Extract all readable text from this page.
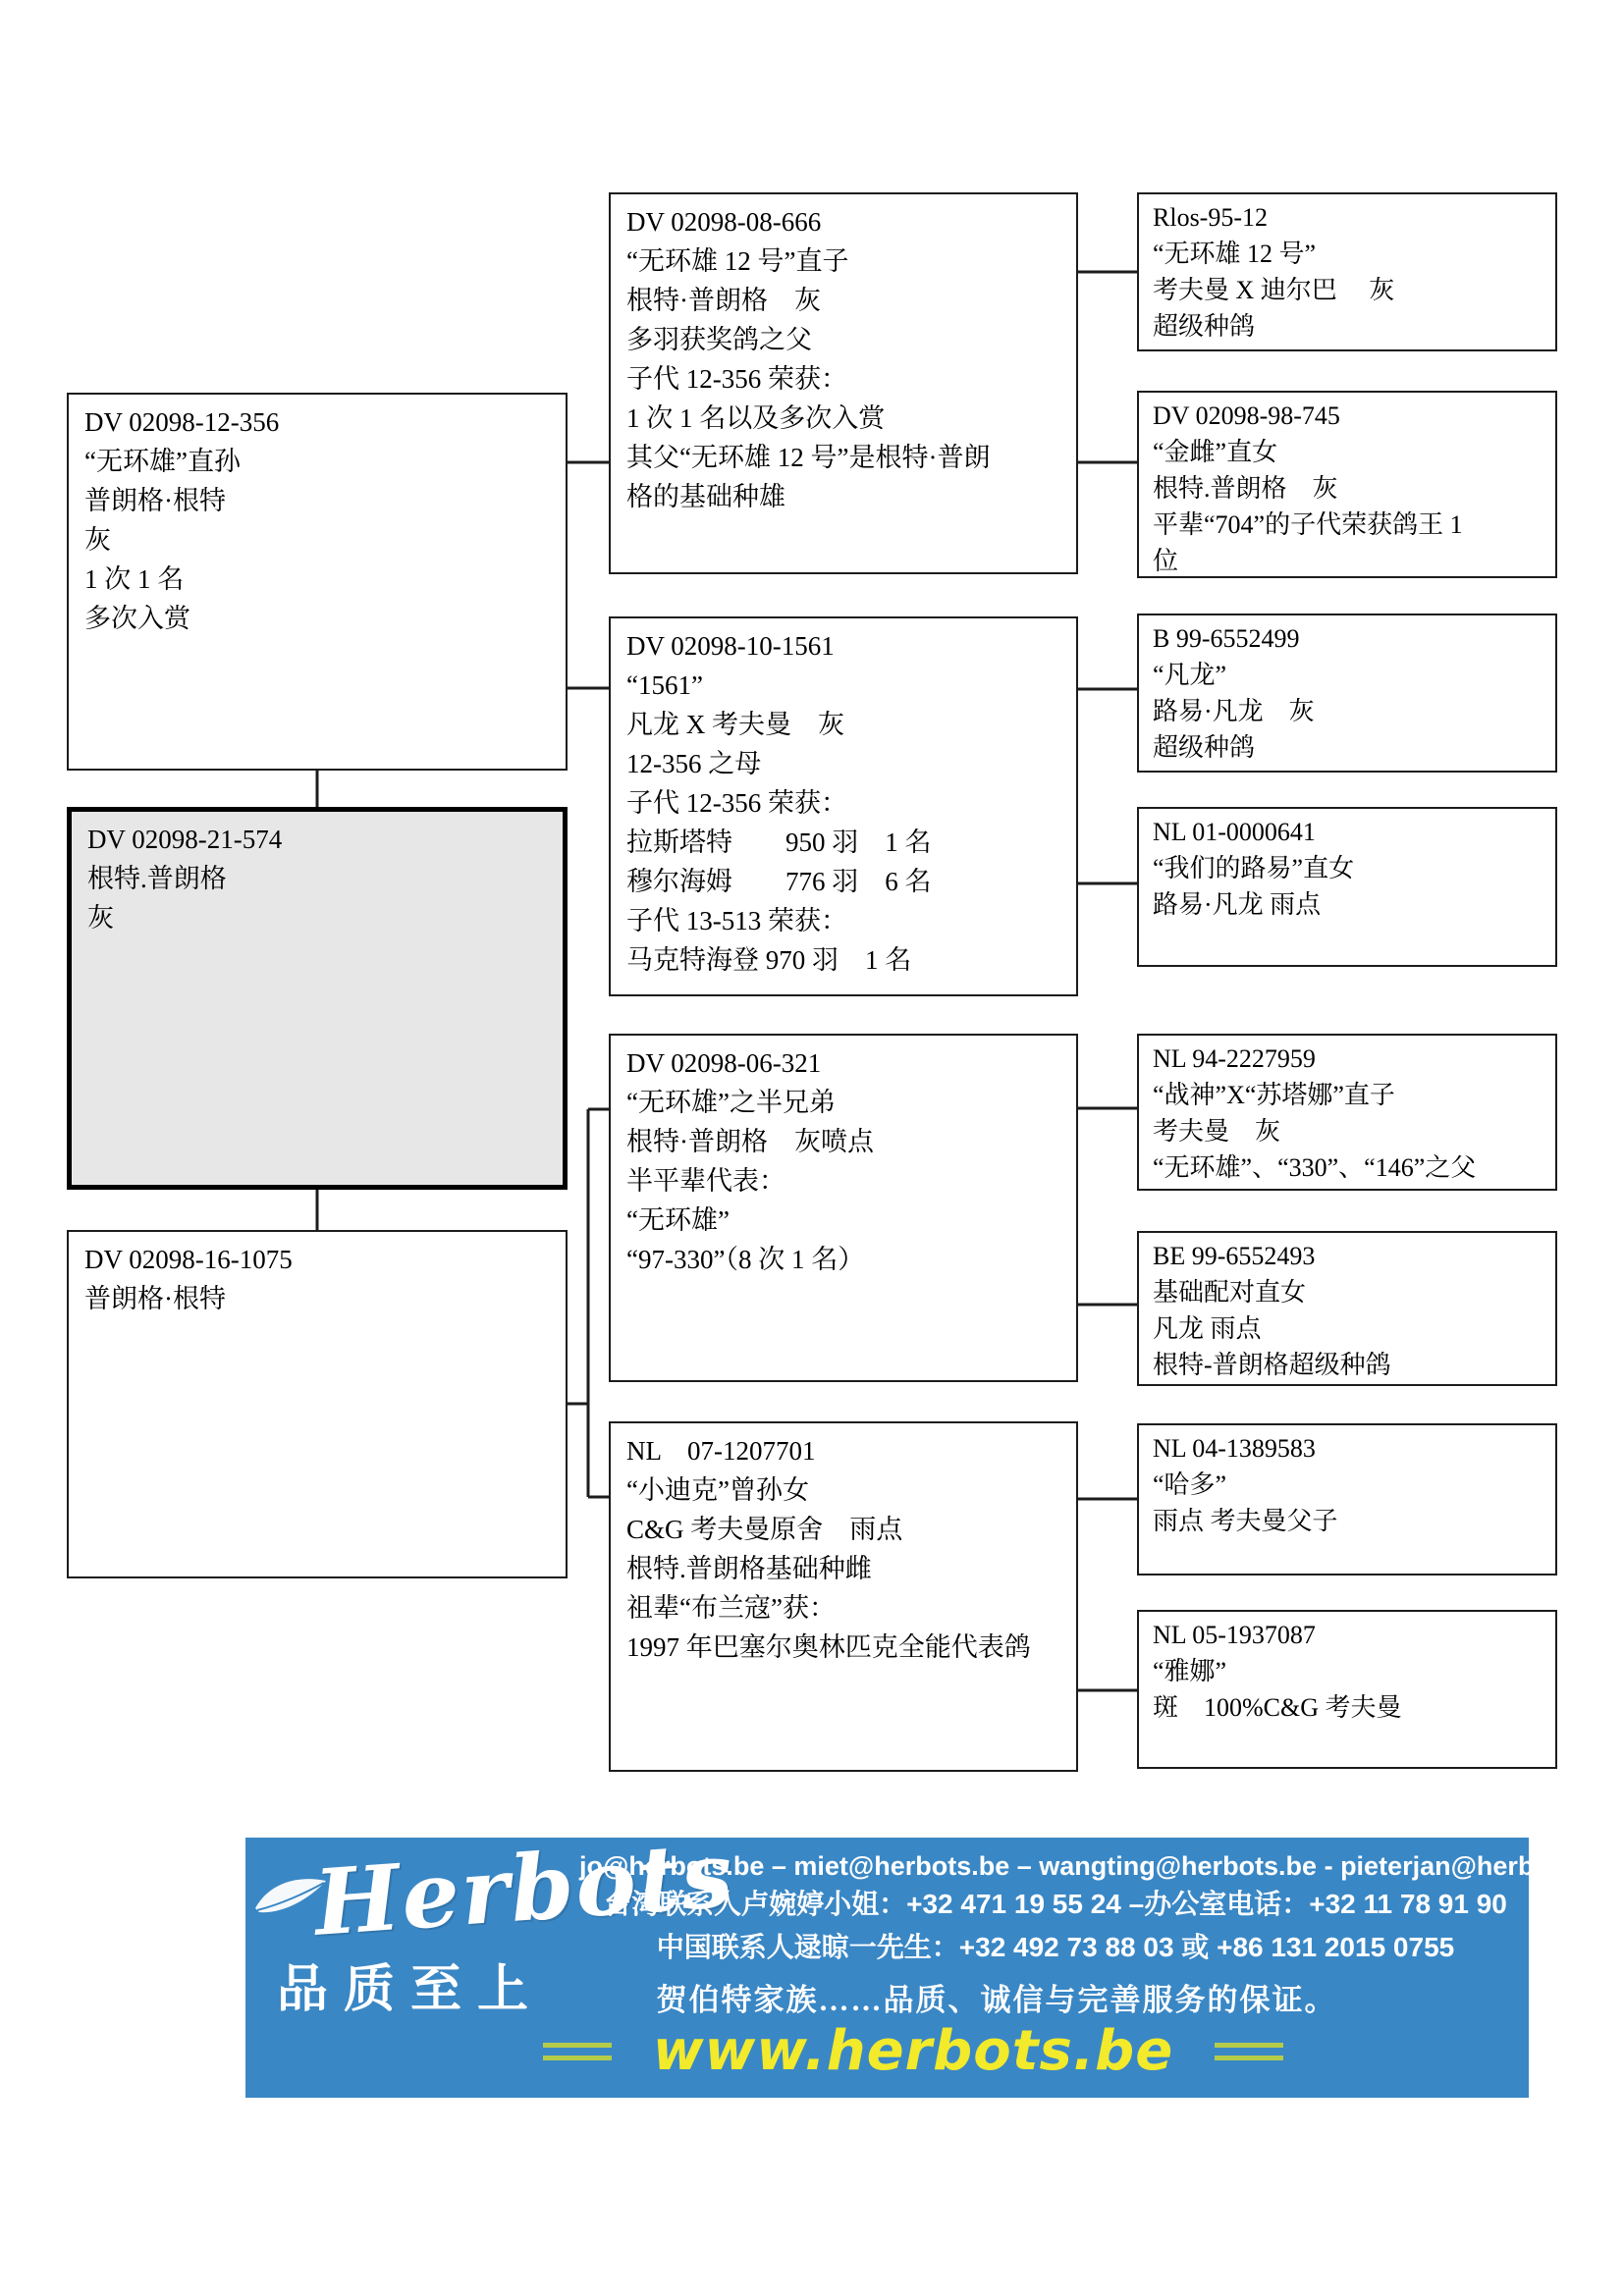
DV 02098-12-356
“无环雄”直孙
普朗格·根特
灰
1 次 1 名
多次入赏
DV 02098-21-574
根特.普朗格
灰
DV 02098-16-1075
普朗格·根特
DV 02098-08-666
“无环雄 12 号”直子
根特·普朗格　灰
多羽获奖鸽之父
子代 12-356 荣获：
1 次 1 名以及多次入赏
其父“无环雄 12 号”是根特·普朗
格的基础种雄
DV 02098-10-1561
“1561”
凡龙 X 考夫曼　灰
12-356 之母
子代 12-356 荣获：
拉斯塔特　　950 羽　1 名
穆尔海姆　　776 羽　6 名
子代 13-513 荣获：
马克特海登 970 羽　1 名
DV 02098-06-321
“无环雄”之半兄弟
根特·普朗格　灰喷点
半平辈代表：
“无环雄”
“97-330”（8 次 1 名）
NL　07-1207701
“小迪克”曾孙女
C&G 考夫曼原舍　雨点
根特.普朗格基础种雌
祖辈“布兰寇”获：
1997 年巴塞尔奥林匹克全能代表鸽
Rlos-95-12
“无环雄 12 号”
考夫曼 X 迪尔巴　 灰
超级种鸽
DV 02098-98-745
“金雌”直女
根特.普朗格　灰
平辈“704”的子代荣获鸽王 1
位
B 99-6552499
“凡龙”
路易·凡龙　灰
超级种鸽
NL 01-0000641
“我们的路易”直女
路易·凡龙 雨点
NL 94-2227959
“战神”X“苏塔娜”直子
考夫曼　灰
“无环雄”、“330”、“146”之父
BE 99-6552493
基础配对直女
凡龙 雨点
根特-普朗格超级种鸽
NL 04-1389583
“哈多”
雨点 考夫曼父子
NL 05-1937087
“雅娜”
斑　100%C&G 考夫曼
Herbots
品质至上
jo@herbots.be – miet@herbots.be – wangting@herbots.be - pieterjan@herbots.be
台湾联系人卢婉婷小姐：+32 471 19 55 24 –办公室电话：+32 11 78 91 90
中国联系人逯晾一先生：+32 492 73 88 03 或 +86 131 2015 0755
贺伯特家族……品质、诚信与完善服务的保证。
www.herbots.be
